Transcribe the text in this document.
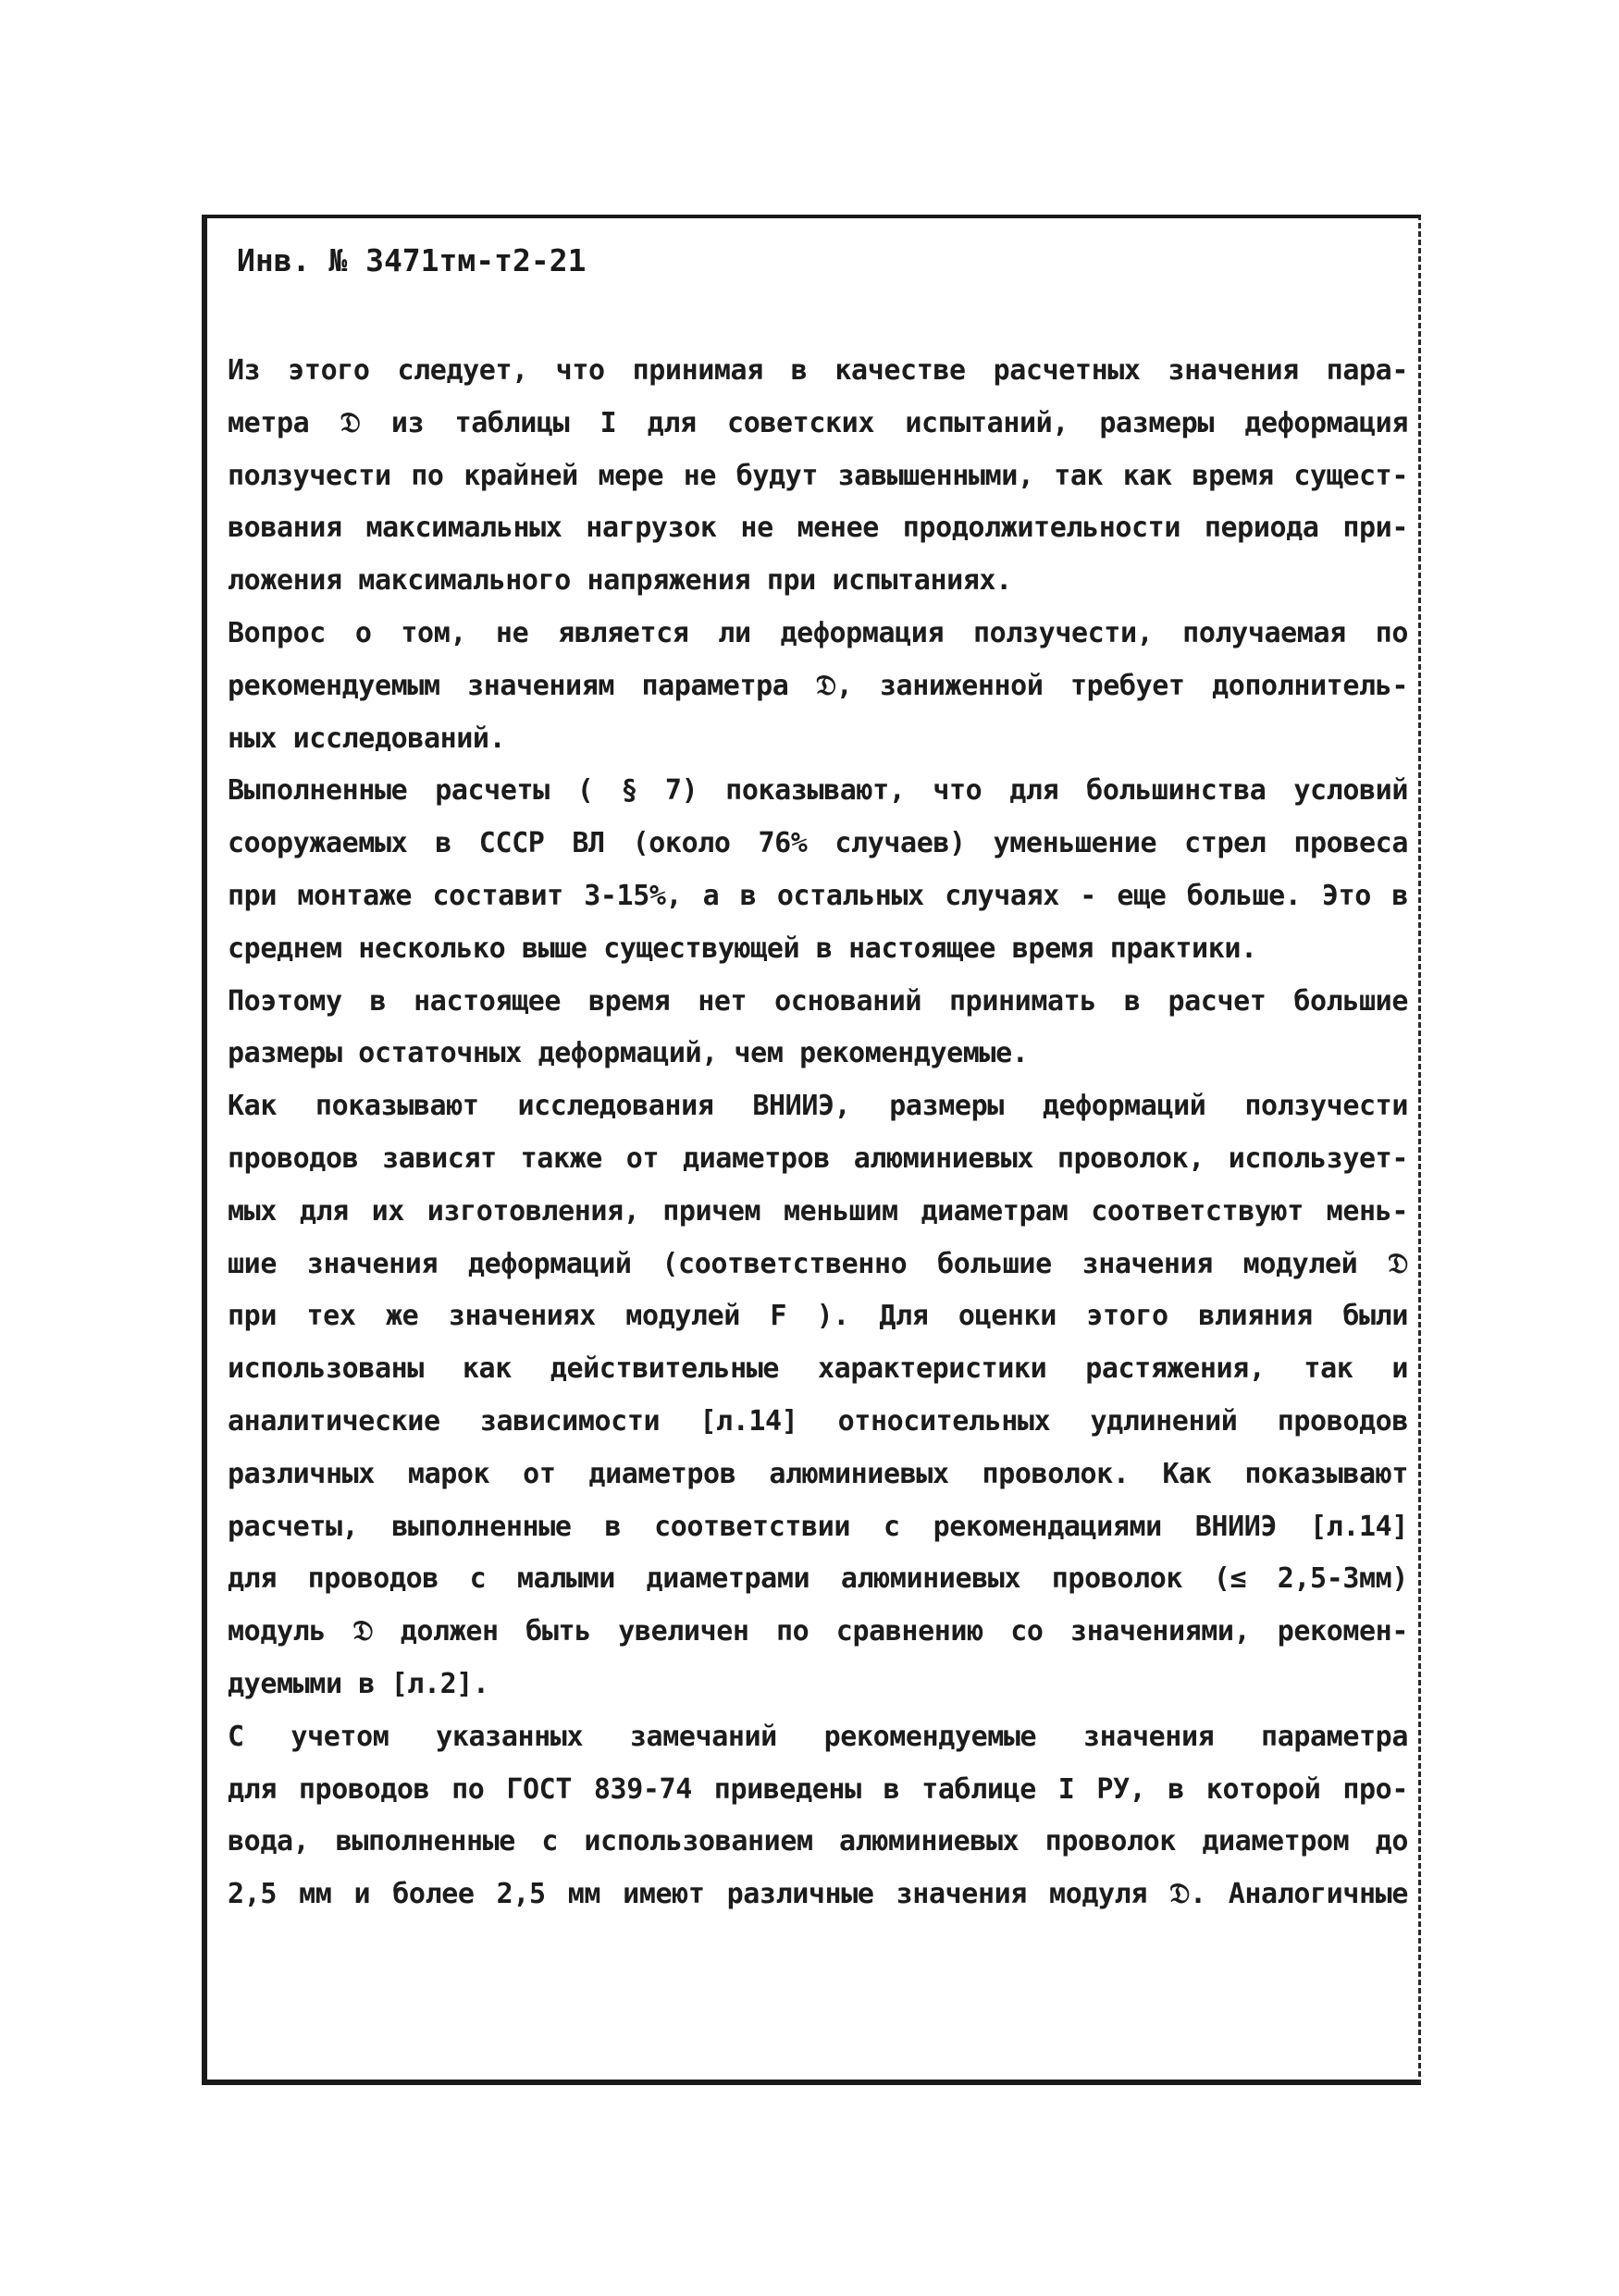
Инв. № 3471тм-т2-21
Из этого следует, что принимая в качестве расчетных значения пара-
метра 𝔇 из таблицы I для советских испытаний, размеры деформация
ползучести по крайней мере не будут завышенными, так как время сущест-
вования максимальных нагрузок не менее продолжительности периода при-
ложения максимального напряжения при испытаниях.
Вопрос о том, не является ли деформация ползучести, получаемая по
рекомендуемым значениям параметра 𝔇, заниженной требует дополнитель-
ных исследований.
Выполненные расчеты ( § 7) показывают, что для большинства условий
сооружаемых в СССР ВЛ (около 76% случаев) уменьшение стрел провеса
при монтаже составит 3-15%, а в остальных случаях - еще больше. Это в
среднем несколько выше существующей в настоящее время практики.
Поэтому в настоящее время нет оснований принимать в расчет большие
размеры остаточных деформаций, чем рекомендуемые.
Как показывают исследования ВНИИЭ, размеры деформаций ползучести
проводов зависят также от диаметров алюминиевых проволок, использует-
мых для их изготовления, причем меньшим диаметрам соответствуют мень-
шие значения деформаций (соответственно большие значения модулей 𝔇
при тех же значениях модулей F ). Для оценки этого влияния были
использованы как действительные характеристики растяжения, так и
аналитические зависимости [л.14] относительных удлинений проводов
различных марок от диаметров алюминиевых проволок. Как показывают
расчеты, выполненные в соответствии с рекомендациями ВНИИЭ [л.14]
для проводов с малыми диаметрами алюминиевых проволок (≤ 2,5-3мм)
модуль 𝔇 должен быть увеличен по сравнению со значениями, рекомен-
дуемыми в [л.2].
С учетом указанных замечаний рекомендуемые значения параметра
для проводов по ГОСТ 839-74 приведены в таблице I РУ, в которой про-
вода, выполненные с использованием алюминиевых проволок диаметром до
2,5 мм и более 2,5 мм имеют различные значения модуля 𝔇. Аналогичные
